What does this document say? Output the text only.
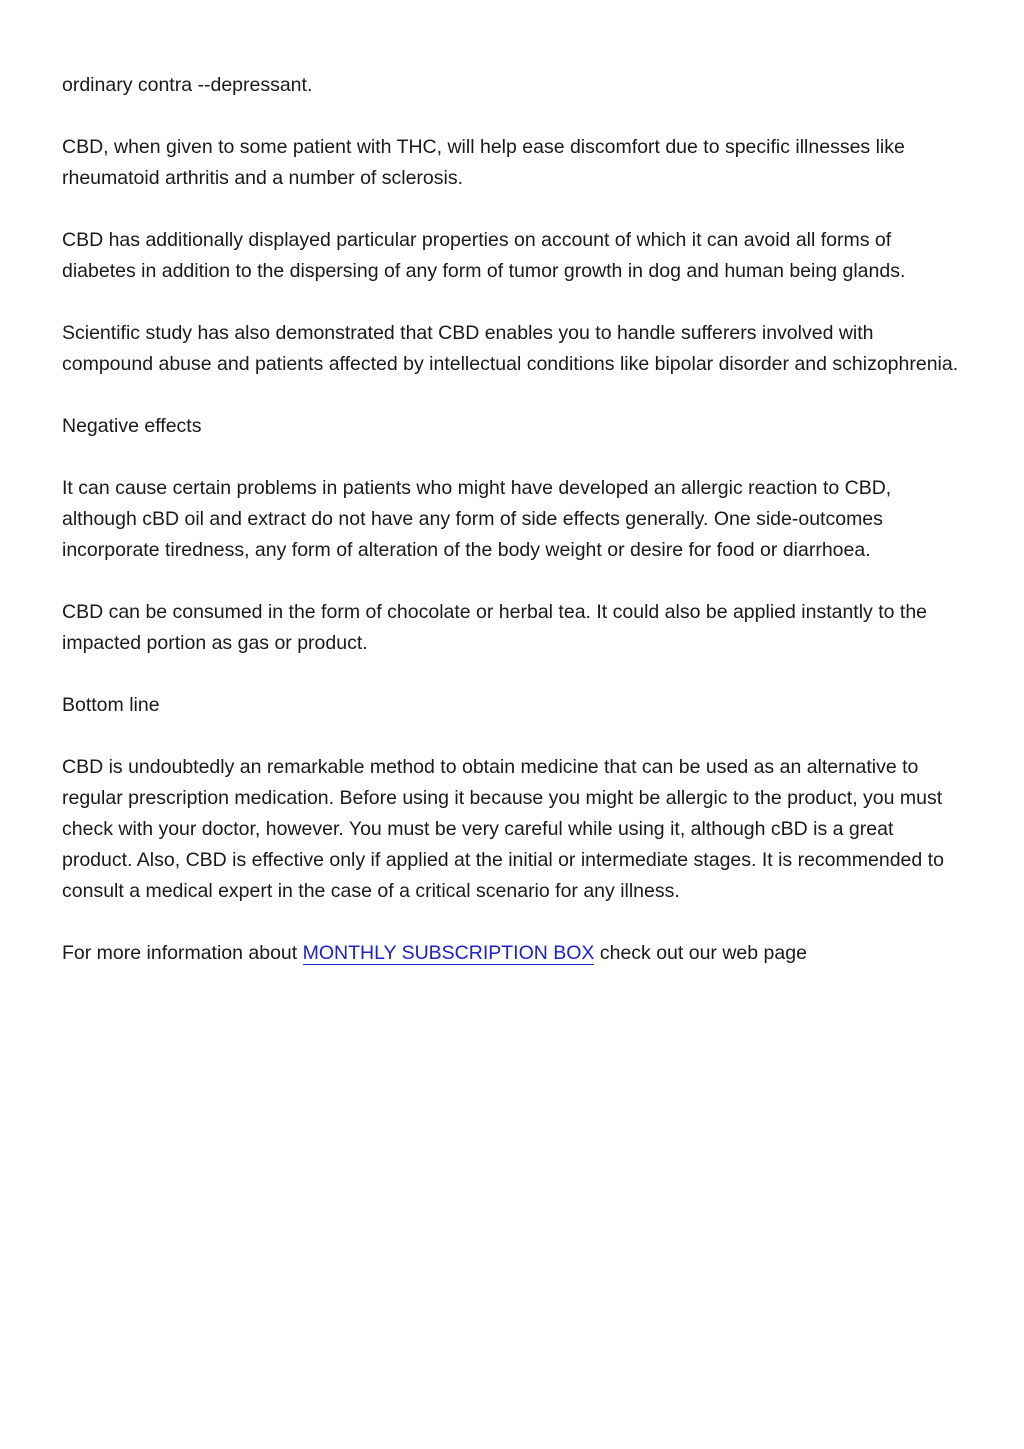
ordinary contra --depressant.

CBD, when given to some patient with THC, will help ease discomfort due to specific illnesses like rheumatoid arthritis and a number of sclerosis.

CBD has additionally displayed particular properties on account of which it can avoid all forms of diabetes in addition to the dispersing of any form of tumor growth in dog and human being glands.

Scientific study has also demonstrated that CBD enables you to handle sufferers involved with compound abuse and patients affected by intellectual conditions like bipolar disorder and schizophrenia.

Negative effects

It can cause certain problems in patients who might have developed an allergic reaction to CBD, although cBD oil and extract do not have any form of side effects generally. One side-outcomes incorporate tiredness, any form of alteration of the body weight or desire for food or diarrhoea.

CBD can be consumed in the form of chocolate or herbal tea. It could also be applied instantly to the impacted portion as gas or product.

Bottom line

CBD is undoubtedly an remarkable method to obtain medicine that can be used as an alternative to regular prescription medication. Before using it because you might be allergic to the product, you must check with your doctor, however. You must be very careful while using it, although cBD is a great product. Also, CBD is effective only if applied at the initial or intermediate stages. It is recommended to consult a medical expert in the case of a critical scenario for any illness.

For more information about MONTHLY SUBSCRIPTION BOX check out our web page
